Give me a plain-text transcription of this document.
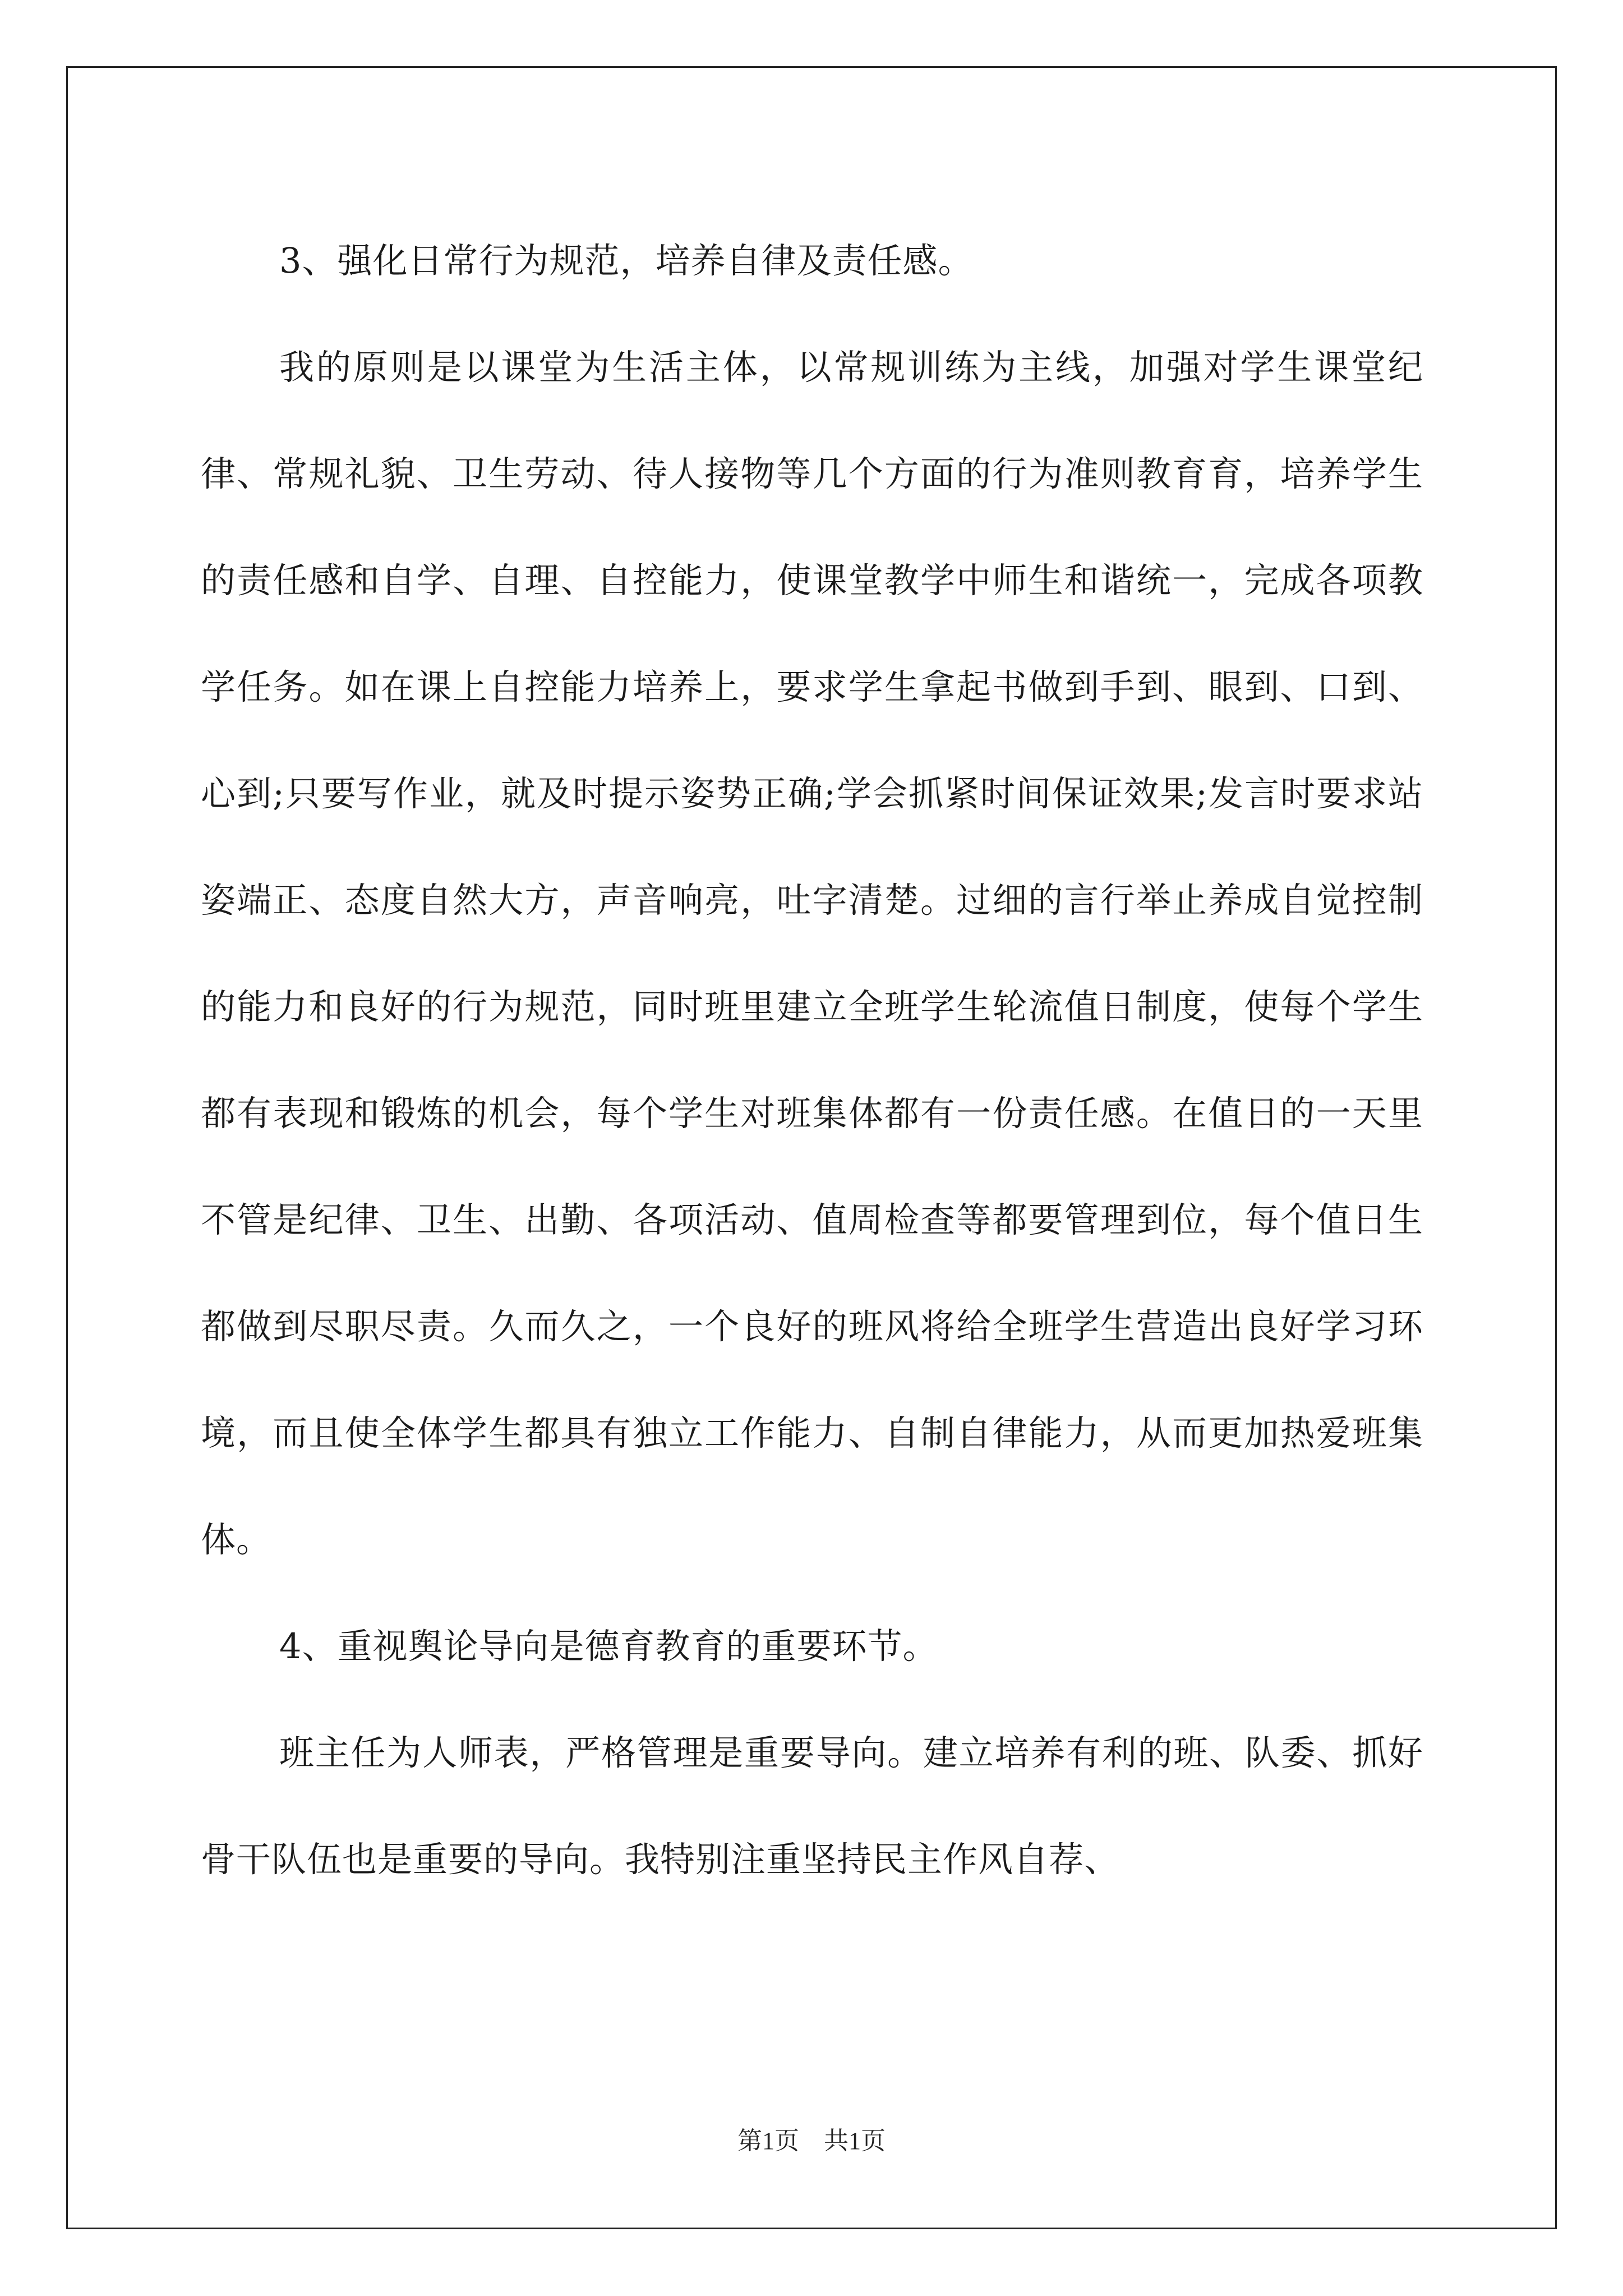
3、强化日常行为规范，培养自律及责任感。

我的原则是以课堂为生活主体，以常规训练为主线，加强对学生课堂纪律、常规礼貌、卫生劳动、待人接物等几个方面的行为准则教育育，培养学生的责任感和自学、自理、自控能力，使课堂教学中师生和谐统一，完成各项教学任务。如在课上自控能力培养上，要求学生拿起书做到手到、眼到、口到、心到;只要写作业，就及时提示姿势正确;学会抓紧时间保证效果;发言时要求站姿端正、态度自然大方，声音响亮，吐字清楚。过细的言行举止养成自觉控制的能力和良好的行为规范，同时班里建立全班学生轮流值日制度，使每个学生都有表现和锻炼的机会，每个学生对班集体都有一份责任感。在值日的一天里不管是纪律、卫生、出勤、各项活动、值周检查等都要管理到位，每个值日生都做到尽职尽责。久而久之，一个良好的班风将给全班学生营造出良好学习环境，而且使全体学生都具有独立工作能力、自制自律能力，从而更加热爱班集体。

4、重视舆论导向是德育教育的重要环节。

班主任为人师表，严格管理是重要导向。建立培养有利的班、队委、抓好骨干队伍也是重要的导向。我特别注重坚持民主作风自荐、

第1页 共1页
